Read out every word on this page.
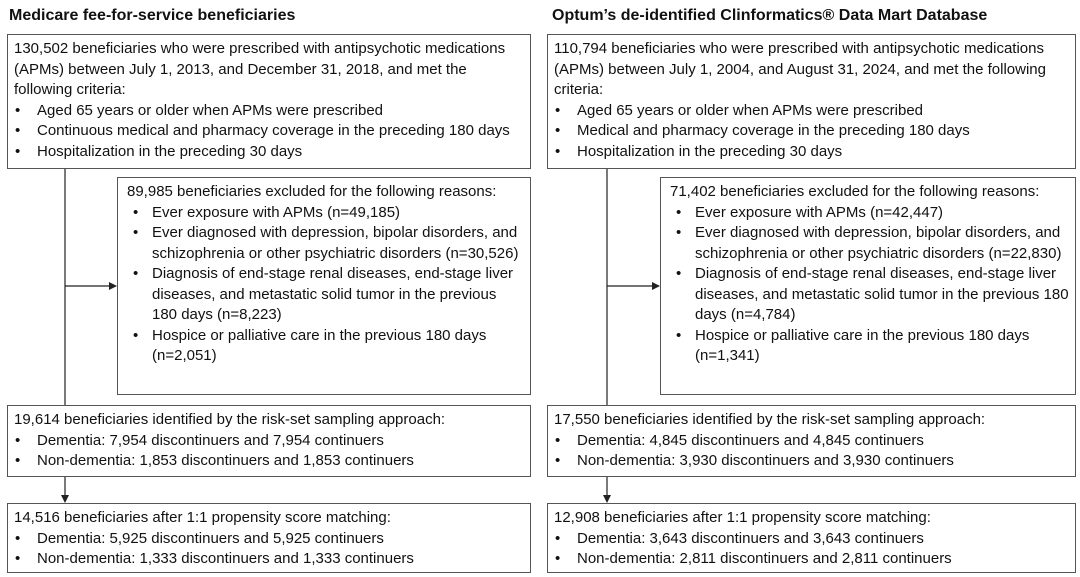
Medicare fee-for-service beneficiaries

130,502 beneficiaries who were prescribed with antipsychotic medications (APMs) between July 1, 2013, and December 31, 2018, and met the following criteria:

• Aged 65 years or older when APMs were prescribed
• Continuous medical and pharmacy coverage in the preceding 180 days
• Hospitalization in the preceding 30 days

89,985 beneficiaries excluded for the following reasons:

• Ever exposure with APMs (n=49,185)
• Ever diagnosed with depression, bipolar disorders, and schizophrenia or other psychiatric disorders (n=30,526)
• Diagnosis of end-stage renal diseases, end-stage liver diseases, and metastatic solid tumor in the previous 180 days (n=8,223)
• Hospice or palliative care in the previous 180 days (n=2,051)

19,614 beneficiaries identified by the risk-set sampling approach:

• Dementia: 7,954 discontinuers and 7,954 continuers
• Non-dementia: 1,853 discontinuers and 1,853 continuers

14,516 beneficiaries after 1:1 propensity score matching:

• Dementia: 5,925 discontinuers and 5,925 continuers
• Non-dementia: 1,333 discontinuers and 1,333 continuers
Optum’s de-identified Clinformatics® Data Mart Database

110,794 beneficiaries who were prescribed with antipsychotic medications (APMs) between July 1, 2004, and August 31, 2024, and met the following criteria:

• Aged 65 years or older when APMs were prescribed
• Medical and pharmacy coverage in the preceding 180 days
• Hospitalization in the preceding 30 days

71,402 beneficiaries excluded for the following reasons:

• Ever exposure with APMs (n=42,447)
• Ever diagnosed with depression, bipolar disorders, and schizophrenia or other psychiatric disorders (n=22,830)
• Diagnosis of end-stage renal diseases, end-stage liver diseases, and metastatic solid tumor in the previous 180 days (n=4,784)
• Hospice or palliative care in the previous 180 days (n=1,341)

17,550 beneficiaries identified by the risk-set sampling approach:

• Dementia: 4,845 discontinuers and 4,845 continuers
• Non-dementia: 3,930 discontinuers and 3,930 continuers

12,908 beneficiaries after 1:1 propensity score matching:

• Dementia: 3,643 discontinuers and 3,643 continuers
• Non-dementia: 2,811 discontinuers and 2,811 continuers
